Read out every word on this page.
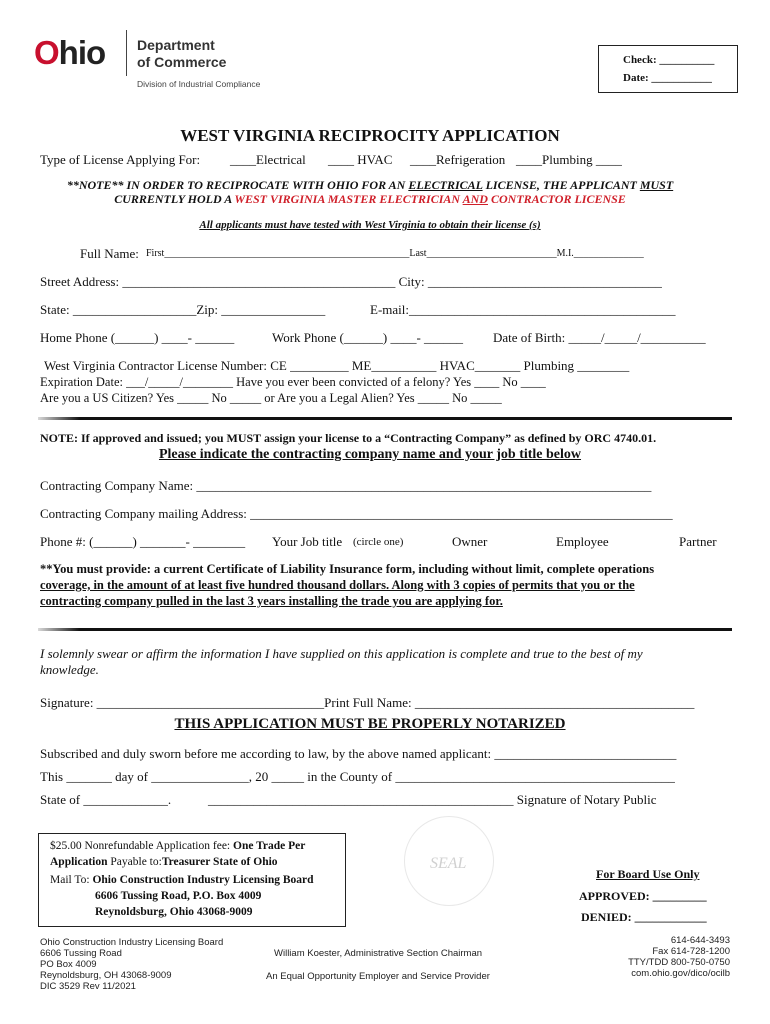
Ohio Department
of Commerce
Division of Industrial Compliance
Check: __________
Date: ___________
WEST VIRGINIA RECIPROCITY APPLICATION
Type of License Applying For: ____Electrical ____ HVAC ____Refrigeration ____Plumbing ____
**NOTE** IN ORDER TO RECIPROCATE WITH OHIO FOR AN ELECTRICAL LICENSE, THE APPLICANT MUST
CURRENTLY HOLD A WEST VIRGINIA MASTER ELECTRICIAN AND CONTRACTOR LICENSE
All applicants must have tested with West Virginia to obtain their license (s)
Full Name: First_________________________________________________Last__________________________M.I.______________
Street Address: __________________________________________ City: ____________________________________
State: ___________________Zip: ________________	E-mail:_________________________________________
Home Phone (______) ____- ______	Work Phone (______) ____- ______ Date of Birth: _____/_____/__________
West Virginia Contractor License Number: CE _________ ME__________ HVAC_______ Plumbing ________
Expiration Date: ___/_____/________ Have you ever been convicted of a felony? Yes ____ No ____
Are you a US Citizen? Yes _____ No _____ or Are you a Legal Alien? Yes _____ No _____
NOTE: If approved and issued; you MUST assign your license to a “Contracting Company” as defined by ORC 4740.01.
Please indicate the contracting company name and your job title below
Contracting Company Name: ______________________________________________________________________
Contracting Company mailing Address: _________________________________________________________________
Phone #: (______) _______- ________ Your Job title (circle one)	Owner	Employee	Partner
**You must provide: a current Certificate of Liability Insurance form, including without limit, complete operations
coverage, in the amount of at least five hundred thousand dollars. Along with 3 copies of permits that you or the
contracting company pulled in the last 3 years installing the trade you are applying for.
I solemnly swear or affirm the information I have supplied on this application is complete and true to the best of my
knowledge.
Signature: ___________________________________Print Full Name: ___________________________________________
THIS APPLICATION MUST BE PROPERLY NOTARIZED
Subscribed and duly sworn before me according to law, by the above named applicant: ____________________________
This _______ day of _______________, 20 _____ in the County of ___________________________________________
State of _____________.	_______________________________________________ Signature of Notary Public
$25.00 Nonrefundable Application fee: One Trade Per
Application Payable to:Treasurer State of Ohio
Mail To: Ohio Construction Industry Licensing Board
6606 Tussing Road, P.O. Box 4009
Reynoldsburg, Ohio 43068-9009
SEAL
For Board Use Only
APPROVED: _________
DENIED: ____________
Ohio Construction Industry Licensing Board
6606 Tussing Road
PO Box 4009
Reynoldsburg, OH 43068-9009
DIC 3529 Rev 11/2021
William Koester, Administrative Section Chairman
An Equal Opportunity Employer and Service Provider
614-644-3493
Fax 614-728-1200
TTY/TDD 800-750-0750
com.ohio.gov/dico/ocilb
